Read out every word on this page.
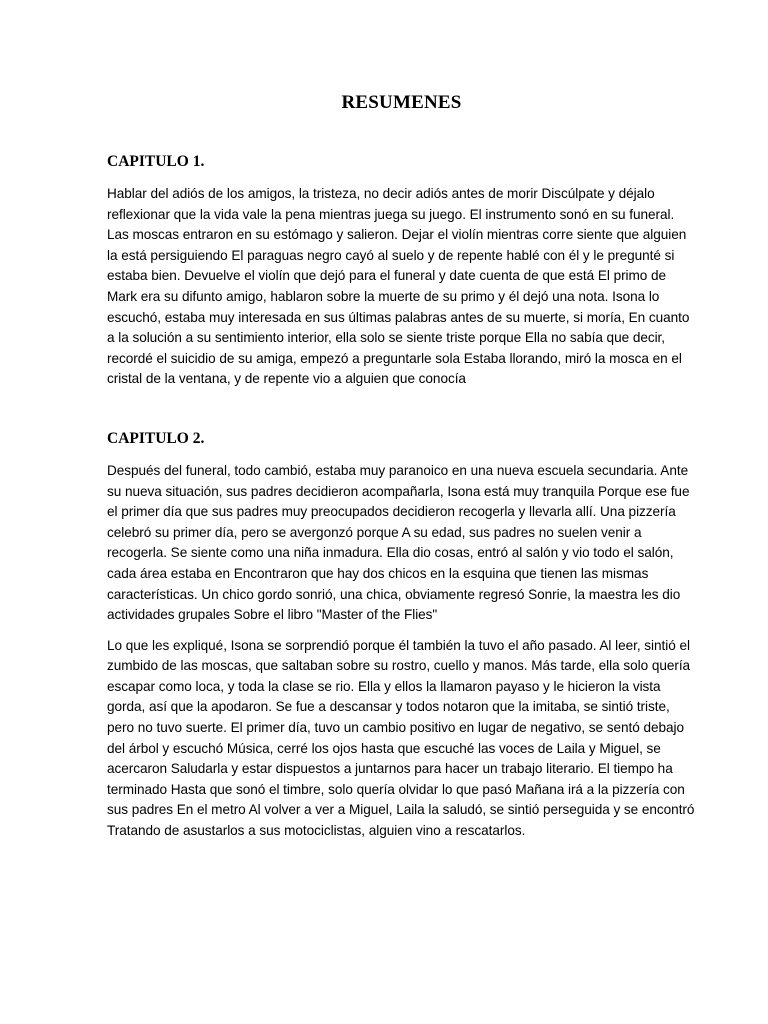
RESUMENES
CAPITULO 1.

Hablar del adiós de los amigos, la tristeza, no decir adiós antes de morir Discúlpate y déjalo reflexionar que la vida vale la pena mientras juega su juego. El instrumento sonó en su funeral. Las moscas entraron en su estómago y salieron. Dejar el violín mientras corre siente que alguien la está persiguiendo El paraguas negro cayó al suelo y de repente hablé con él y le pregunté si estaba bien. Devuelve el violín que dejó para el funeral y date cuenta de que está El primo de Mark era su difunto amigo, hablaron sobre la muerte de su primo y él dejó una nota. Isona lo escuchó, estaba muy interesada en sus últimas palabras antes de su muerte, si moría, En cuanto a la solución a su sentimiento interior, ella solo se siente triste porque Ella no sabía que decir, recordé el suicidio de su amiga, empezó a preguntarle sola Estaba llorando, miró la mosca en el cristal de la ventana, y de repente vio a alguien que conocía

CAPITULO 2.

Después del funeral, todo cambió, estaba muy paranoico en una nueva escuela secundaria. Ante su nueva situación, sus padres decidieron acompañarla, Isona está muy tranquila Porque ese fue el primer día que sus padres muy preocupados decidieron recogerla y llevarla allí. Una pizzería celebró su primer día, pero se avergonzó porque A su edad, sus padres no suelen venir a recogerla. Se siente como una niña inmadura. Ella dio cosas, entró al salón y vio todo el salón, cada área estaba en Encontraron que hay dos chicos en la esquina que tienen las mismas características. Un chico gordo sonrió, una chica, obviamente regresó Sonrie, la maestra les dio actividades grupales Sobre el libro "Master of the Flies"

Lo que les expliqué, Isona se sorprendió porque él también la tuvo el año pasado. Al leer, sintió el zumbido de las moscas, que saltaban sobre su rostro, cuello y manos. Más tarde, ella solo quería escapar como loca, y toda la clase se rio. Ella y ellos la llamaron payaso y le hicieron la vista gorda, así que la apodaron. Se fue a descansar y todos notaron que la imitaba, se sintió triste, pero no tuvo suerte. El primer día, tuvo un cambio positivo en lugar de negativo, se sentó debajo del árbol y escuchó Música, cerré los ojos hasta que escuché las voces de Laila y Miguel, se acercaron Saludarla y estar dispuestos a juntarnos para hacer un trabajo literario. El tiempo ha terminado Hasta que sonó el timbre, solo quería olvidar lo que pasó Mañana irá a la pizzería con sus padres En el metro Al volver a ver a Miguel, Laila la saludó, se sintió perseguida y se encontró Tratando de asustarlos a sus motociclistas, alguien vino a rescatarlos.
